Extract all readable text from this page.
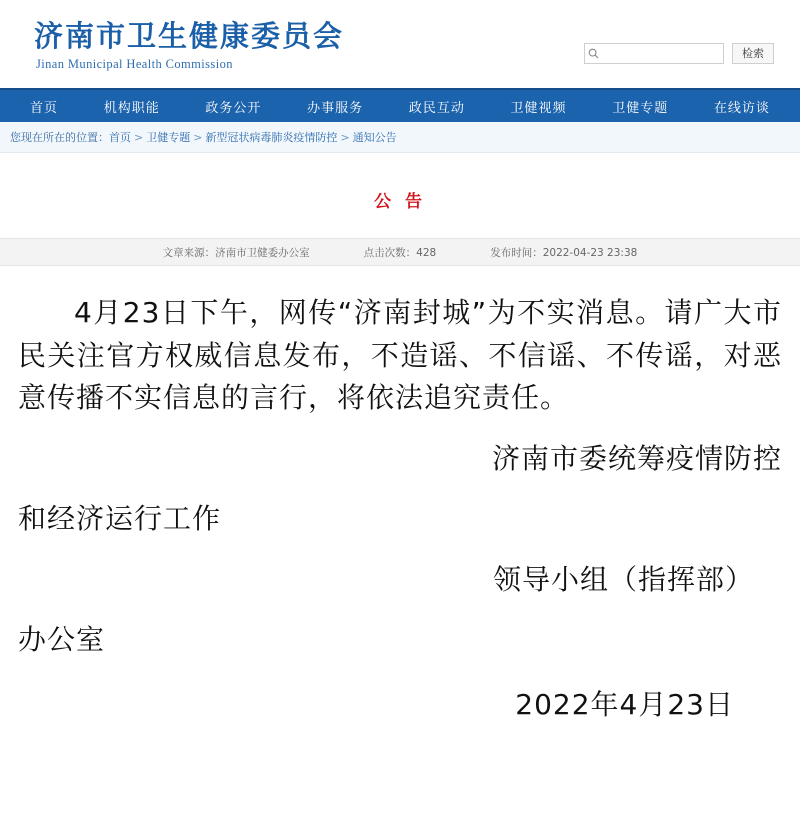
济南市卫生健康委员会
Jinan Municipal Health Commission
检索
首页	机构职能	政务公开	办事服务	政民互动	卫健视频	卫健专题	在线访谈
您现在所在的位置： 首页 > 卫健专题 > 新型冠状病毒肺炎疫情防控 > 通知公告
公 告
文章来源：济南市卫健委办公室	点击次数：428	发布时间：2022-04-23 23:38
4月23日下午，网传“济南封城”为不实消息。请广大市民关注官方权威信息发布，不造谣、不信谣、不传谣，对恶意传播不实信息的言行，将依法追究责任。
济南市委统筹疫情防控
和经济运行工作
领导小组（指挥部）
办公室
2022年4月23日
